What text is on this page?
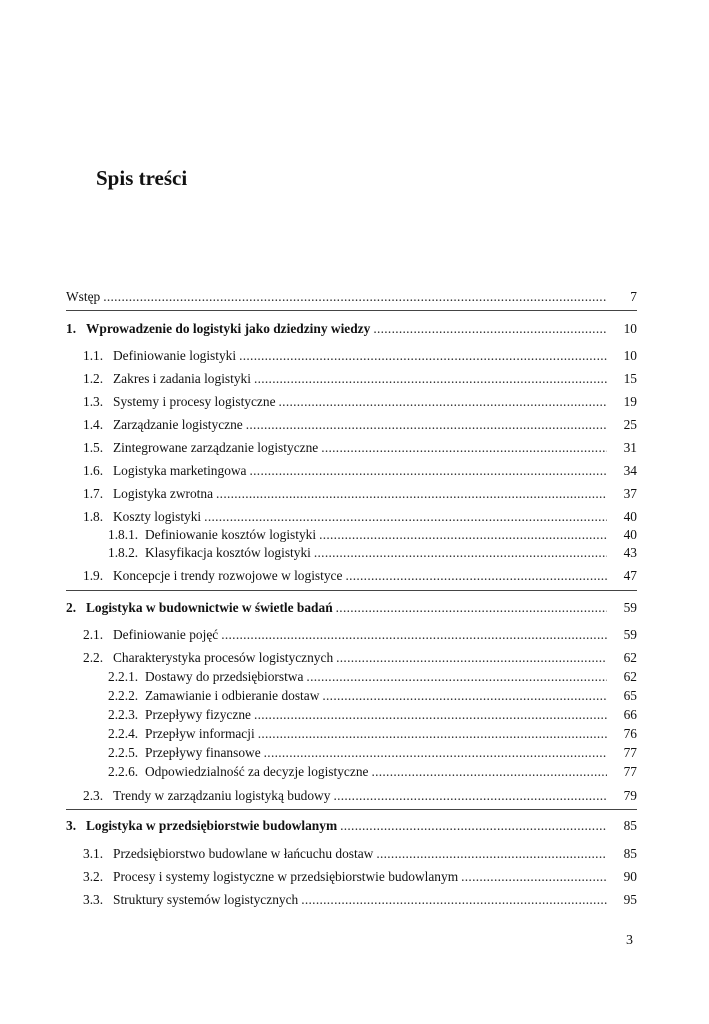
Spis treści
Wstęp .....	7
1. Wprowadzenie do logistyki jako dziedziny wiedzy .....	10
1.1. Definiowanie logistyki .....	10
1.2. Zakres i zadania logistyki .....	15
1.3. Systemy i procesy logistyczne .....	19
1.4. Zarządzanie logistyczne .....	25
1.5. Zintegrowane zarządzanie logistyczne .....	31
1.6. Logistyka marketingowa .....	34
1.7. Logistyka zwrotna .....	37
1.8. Koszty logistyki .....	40
1.8.1. Definiowanie kosztów logistyki .....	40
1.8.2. Klasyfikacja kosztów logistyki .....	43
1.9. Koncepcje i trendy rozwojowe w logistyce .....	47
2. Logistyka w budownictwie w świetle badań .....	59
2.1. Definiowanie pojęć .....	59
2.2. Charakterystyka procesów logistycznych .....	62
2.2.1. Dostawy do przedsiębiorstwa .....	62
2.2.2. Zamawianie i odbieranie dostaw .....	65
2.2.3. Przepływy fizyczne .....	66
2.2.4. Przepływ informacji .....	76
2.2.5. Przepływy finansowe .....	77
2.2.6. Odpowiedzialność za decyzje logistyczne .....	77
2.3. Trendy w zarządzaniu logistyką budowy .....	79
3. Logistyka w przedsiębiorstwie budowlanym .....	85
3.1. Przedsiębiorstwo budowlane w łańcuchu dostaw .....	85
3.2. Procesy i systemy logistyczne w przedsiębiorstwie budowlanym .....	90
3.3. Struktury systemów logistycznych .....	95
3
